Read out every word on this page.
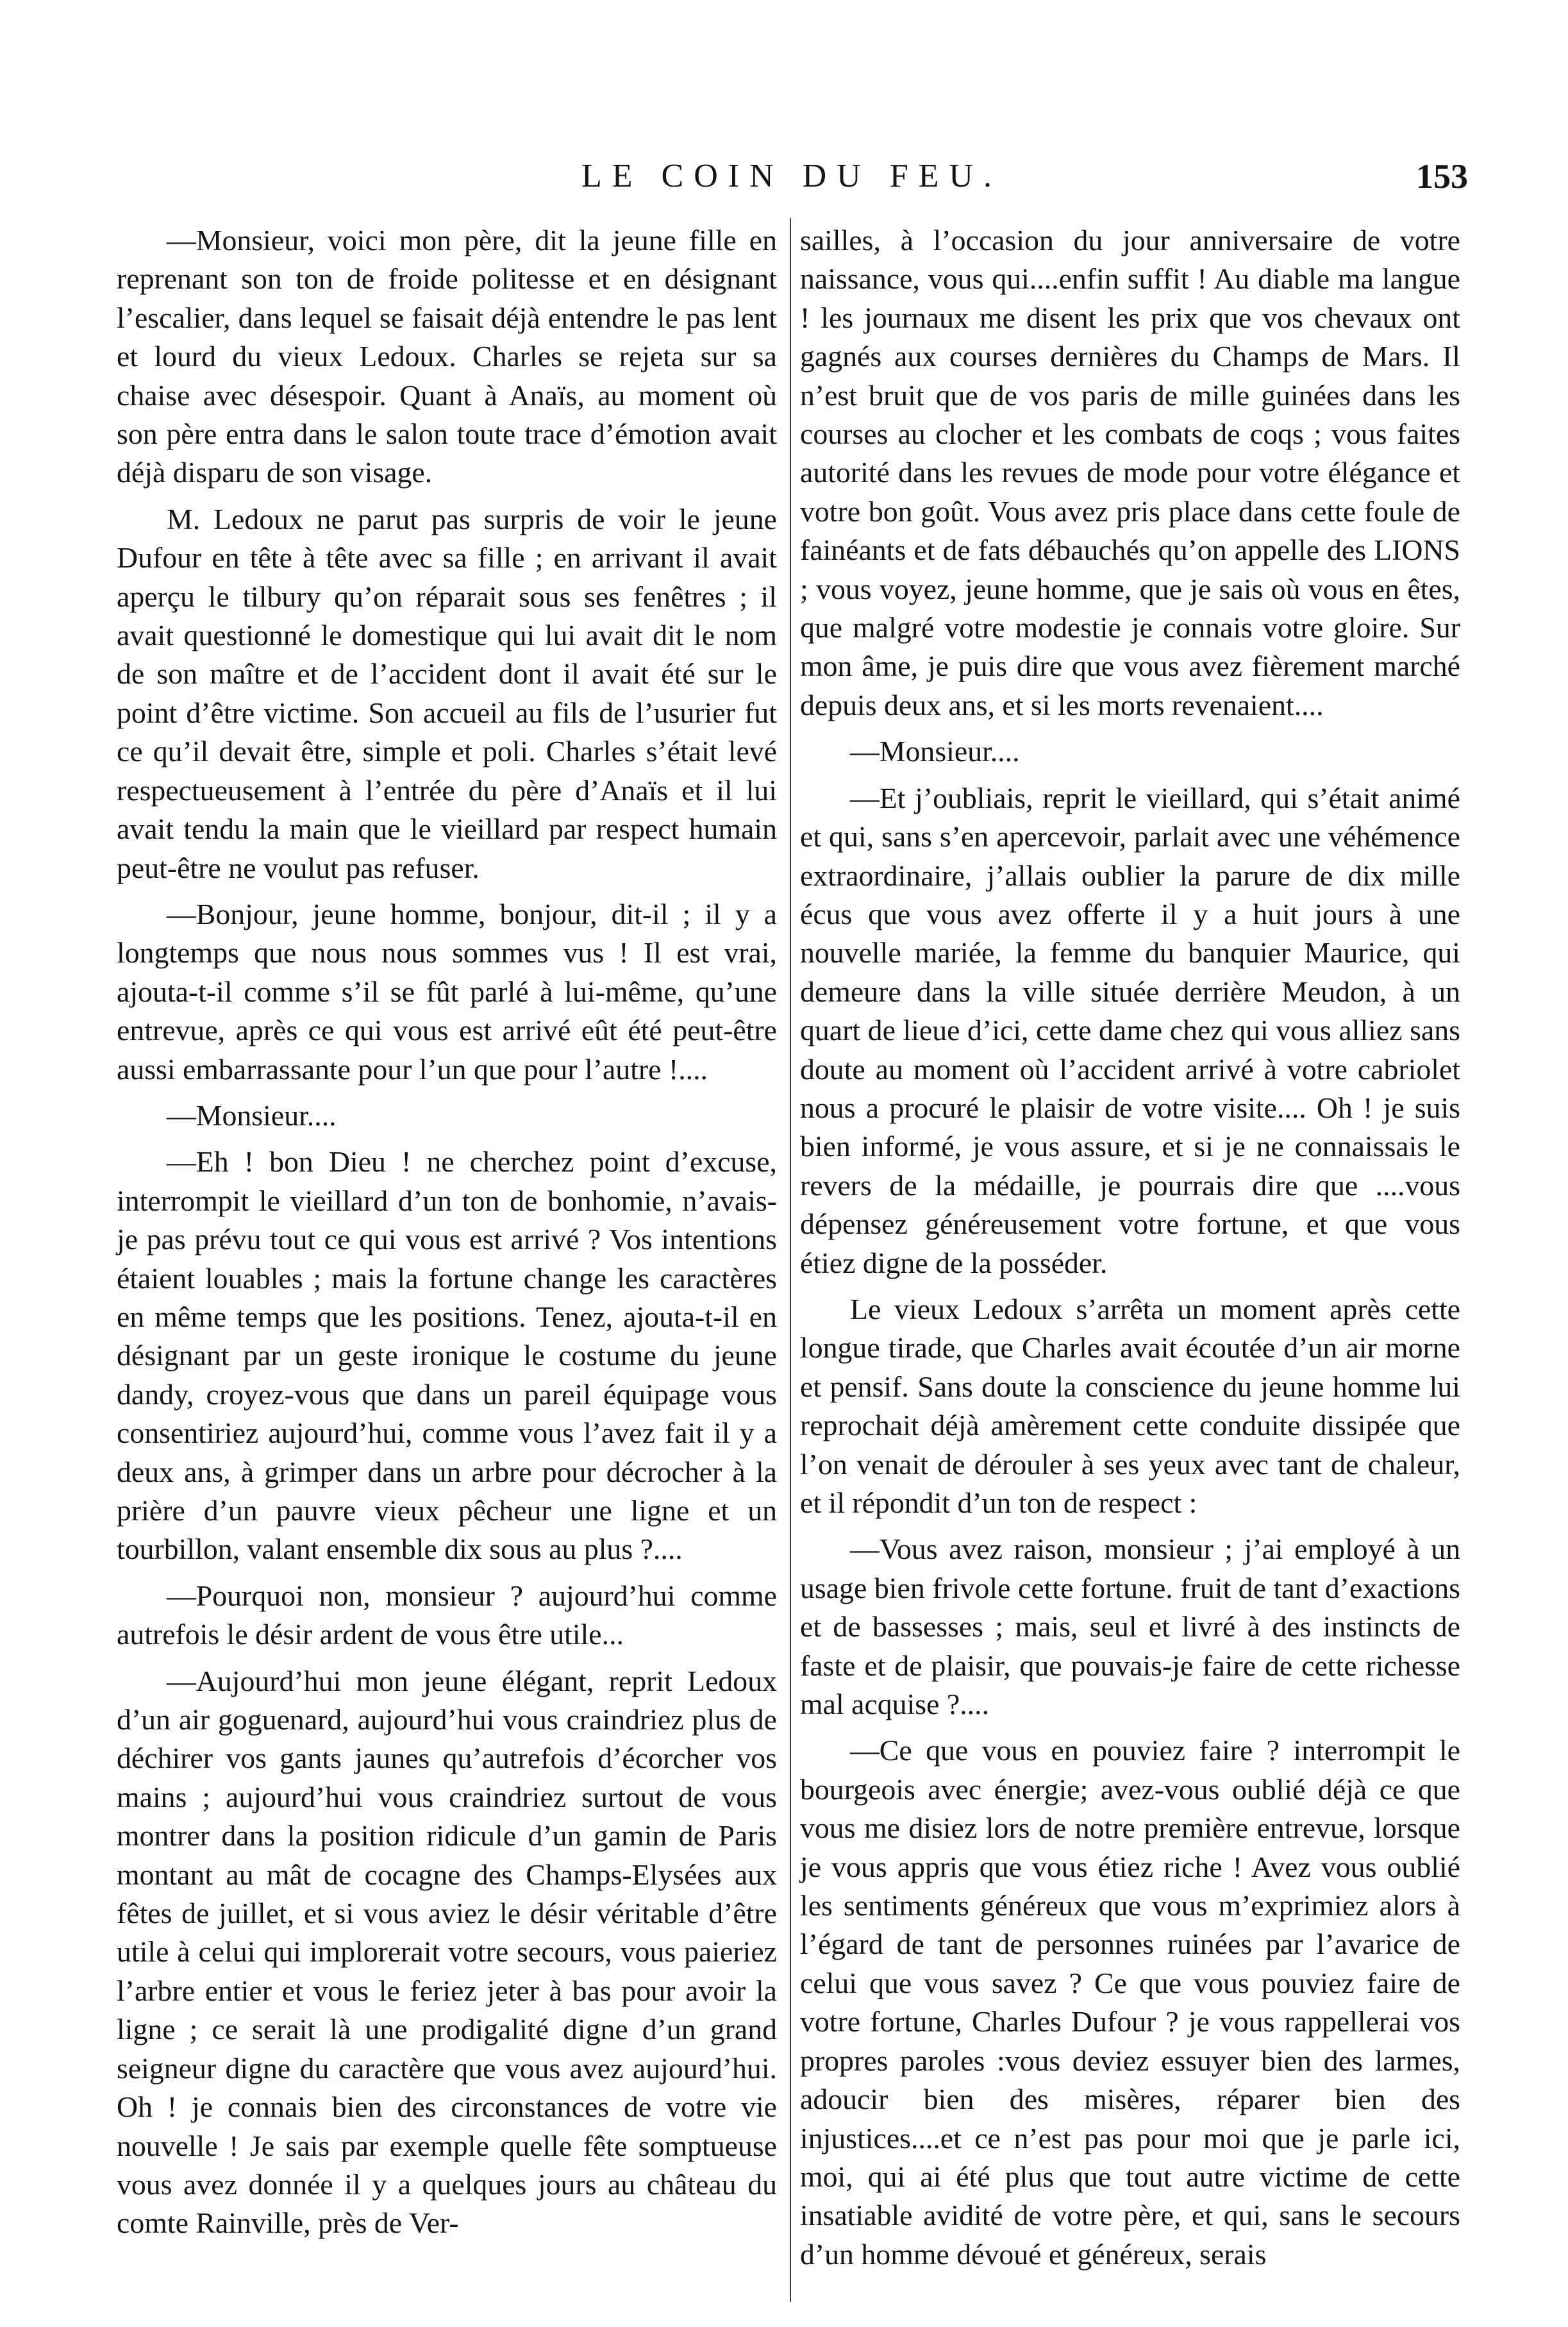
LE COIN DU FEU.	153

—Monsieur, voici mon père, dit la jeune fille en reprenant son ton de froide politesse et en désignant l’escalier, dans lequel se faisait déjà entendre le pas lent et lourd du vieux Ledoux. Charles se rejeta sur sa chaise avec désespoir. Quant à Anaïs, au moment où son père entra dans le salon toute trace d’émotion avait déjà disparu de son visage.

M. Ledoux ne parut pas surpris de voir le jeune Dufour en tête à tête avec sa fille ; en arrivant il avait aperçu le tilbury qu’on réparait sous ses fenêtres ; il avait questionné le domestique qui lui avait dit le nom de son maître et de l’accident dont il avait été sur le point d’être victime. Son accueil au fils de l’usurier fut ce qu’il devait être, simple et poli. Charles s’était levé respectueusement à l’entrée du père d’Anaïs et il lui avait tendu la main que le vieillard par respect humain peut-être ne voulut pas refuser.

—Bonjour, jeune homme, bonjour, dit-il ; il y a longtemps que nous nous sommes vus ! Il est vrai, ajouta-t-il comme s’il se fût parlé à lui-même, qu’une entrevue, après ce qui vous est arrivé eût été peut-être aussi embarrassante pour l’un que pour l’autre !....

—Monsieur....

—Eh ! bon Dieu ! ne cherchez point d’excuse, interrompit le vieillard d’un ton de bonhomie, n’avais-je pas prévu tout ce qui vous est arrivé ? Vos intentions étaient louables ; mais la fortune change les caractères en même temps que les positions. Tenez, ajouta-t-il en désignant par un geste ironique le costume du jeune dandy, croyez-vous que dans un pareil équipage vous consentiriez aujourd’hui, comme vous l’avez fait il y a deux ans, à grimper dans un arbre pour décrocher à la prière d’un pauvre vieux pêcheur une ligne et un tourbillon, valant ensemble dix sous au plus ?....

—Pourquoi non, monsieur ? aujourd’hui comme autrefois le désir ardent de vous être utile...

—Aujourd’hui mon jeune élégant, reprit Ledoux d’un air goguenard, aujourd’hui vous craindriez plus de déchirer vos gants jaunes qu’autrefois d’écorcher vos mains ; aujourd’hui vous craindriez surtout de vous montrer dans la position ridicule d’un gamin de Paris montant au mât de cocagne des Champs-Elysées aux fêtes de juillet, et si vous aviez le désir véritable d’être utile à celui qui implorerait votre secours, vous paieriez l’arbre entier et vous le feriez jeter à bas pour avoir la ligne ; ce serait là une prodigalité digne d’un grand seigneur digne du caractère que vous avez aujourd’hui. Oh ! je connais bien des circonstances de votre vie nouvelle ! Je sais par exemple quelle fête somptueuse vous avez donnée il y a quelques jours au château du comte Rainville, près de Ver-

sailles, à l’occasion du jour anniversaire de votre naissance, vous qui....enfin suffit ! Au diable ma langue ! les journaux me disent les prix que vos chevaux ont gagnés aux courses dernières du Champs de Mars. Il n’est bruit que de vos paris de mille guinées dans les courses au clocher et les combats de coqs ; vous faites autorité dans les revues de mode pour votre élégance et votre bon goût. Vous avez pris place dans cette foule de fainéants et de fats débauchés qu’on appelle des LIONS ; vous voyez, jeune homme, que je sais où vous en êtes, que malgré votre modestie je connais votre gloire. Sur mon âme, je puis dire que vous avez fièrement marché depuis deux ans, et si les morts revenaient....

—Monsieur....

—Et j’oubliais, reprit le vieillard, qui s’était animé et qui, sans s’en apercevoir, parlait avec une véhémence extraordinaire, j’allais oublier la parure de dix mille écus que vous avez offerte il y a huit jours à une nouvelle mariée, la femme du banquier Maurice, qui demeure dans la ville située derrière Meudon, à un quart de lieue d’ici, cette dame chez qui vous alliez sans doute au moment où l’accident arrivé à votre cabriolet nous a procuré le plaisir de votre visite.... Oh ! je suis bien informé, je vous assure, et si je ne connaissais le revers de la médaille, je pourrais dire que ....vous dépensez généreusement votre fortune, et que vous étiez digne de la posséder.

Le vieux Ledoux s’arrêta un moment après cette longue tirade, que Charles avait écoutée d’un air morne et pensif. Sans doute la conscience du jeune homme lui reprochait déjà amèrement cette conduite dissipée que l’on venait de dérouler à ses yeux avec tant de chaleur, et il répondit d’un ton de respect :

—Vous avez raison, monsieur ; j’ai employé à un usage bien frivole cette fortune. fruit de tant d’exactions et de bassesses ; mais, seul et livré à des instincts de faste et de plaisir, que pouvais-je faire de cette richesse mal acquise ?....

—Ce que vous en pouviez faire ? interrompit le bourgeois avec énergie; avez-vous oublié déjà ce que vous me disiez lors de notre première entrevue, lorsque je vous appris que vous étiez riche ! Avez vous oublié les sentiments généreux que vous m’exprimiez alors à l’égard de tant de personnes ruinées par l’avarice de celui que vous savez ? Ce que vous pouviez faire de votre fortune, Charles Dufour ? je vous rappellerai vos propres paroles :vous deviez essuyer bien des larmes, adoucir bien des misères, réparer bien des injustices....et ce n’est pas pour moi que je parle ici, moi, qui ai été plus que tout autre victime de cette insatiable avidité de votre père, et qui, sans le secours d’un homme dévoué et généreux, serais
